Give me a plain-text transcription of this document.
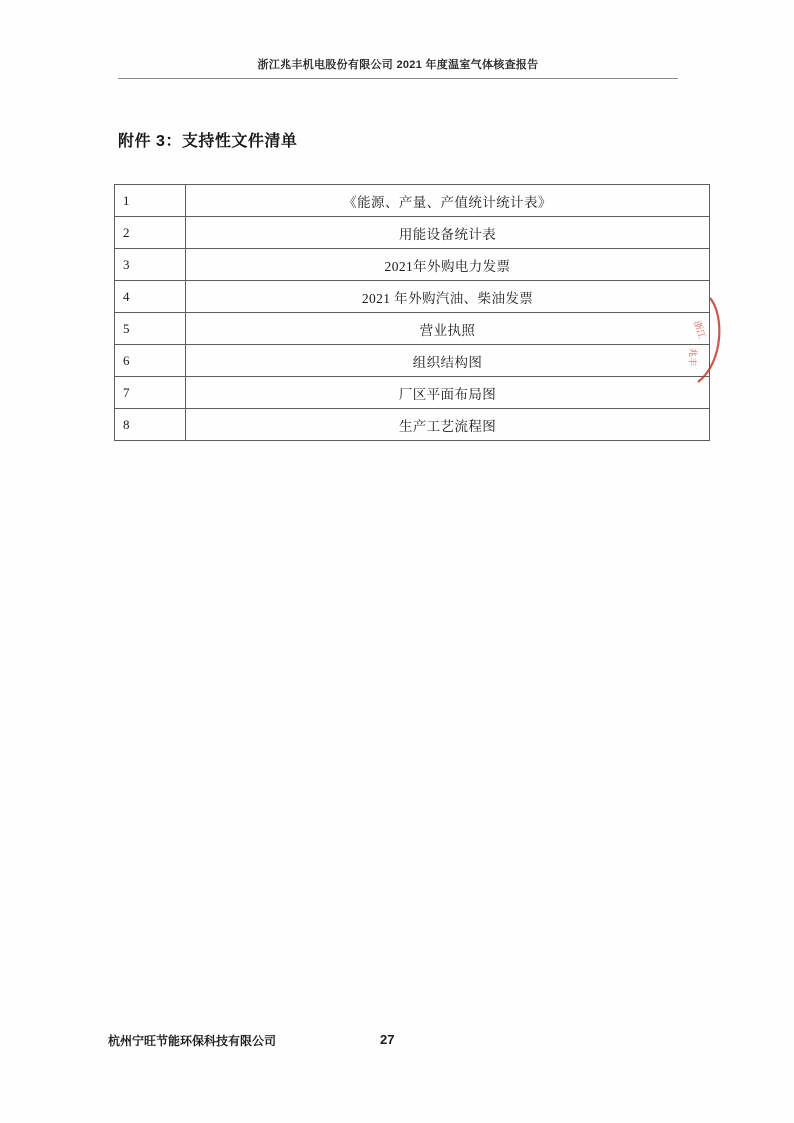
浙江兆丰机电股份有限公司 2021 年度温室气体核查报告
附件 3：支持性文件清单
1	《能源、产量、产值统计统计表》
2	用能设备统计表
3	2021年外购电力发票
4	2021 年外购汽油、柴油发票
5	营业执照
6	组织结构图
7	厂区平面布局图
8	生产工艺流程图
浙江
兆丰
杭州宁旺节能环保科技有限公司	27
